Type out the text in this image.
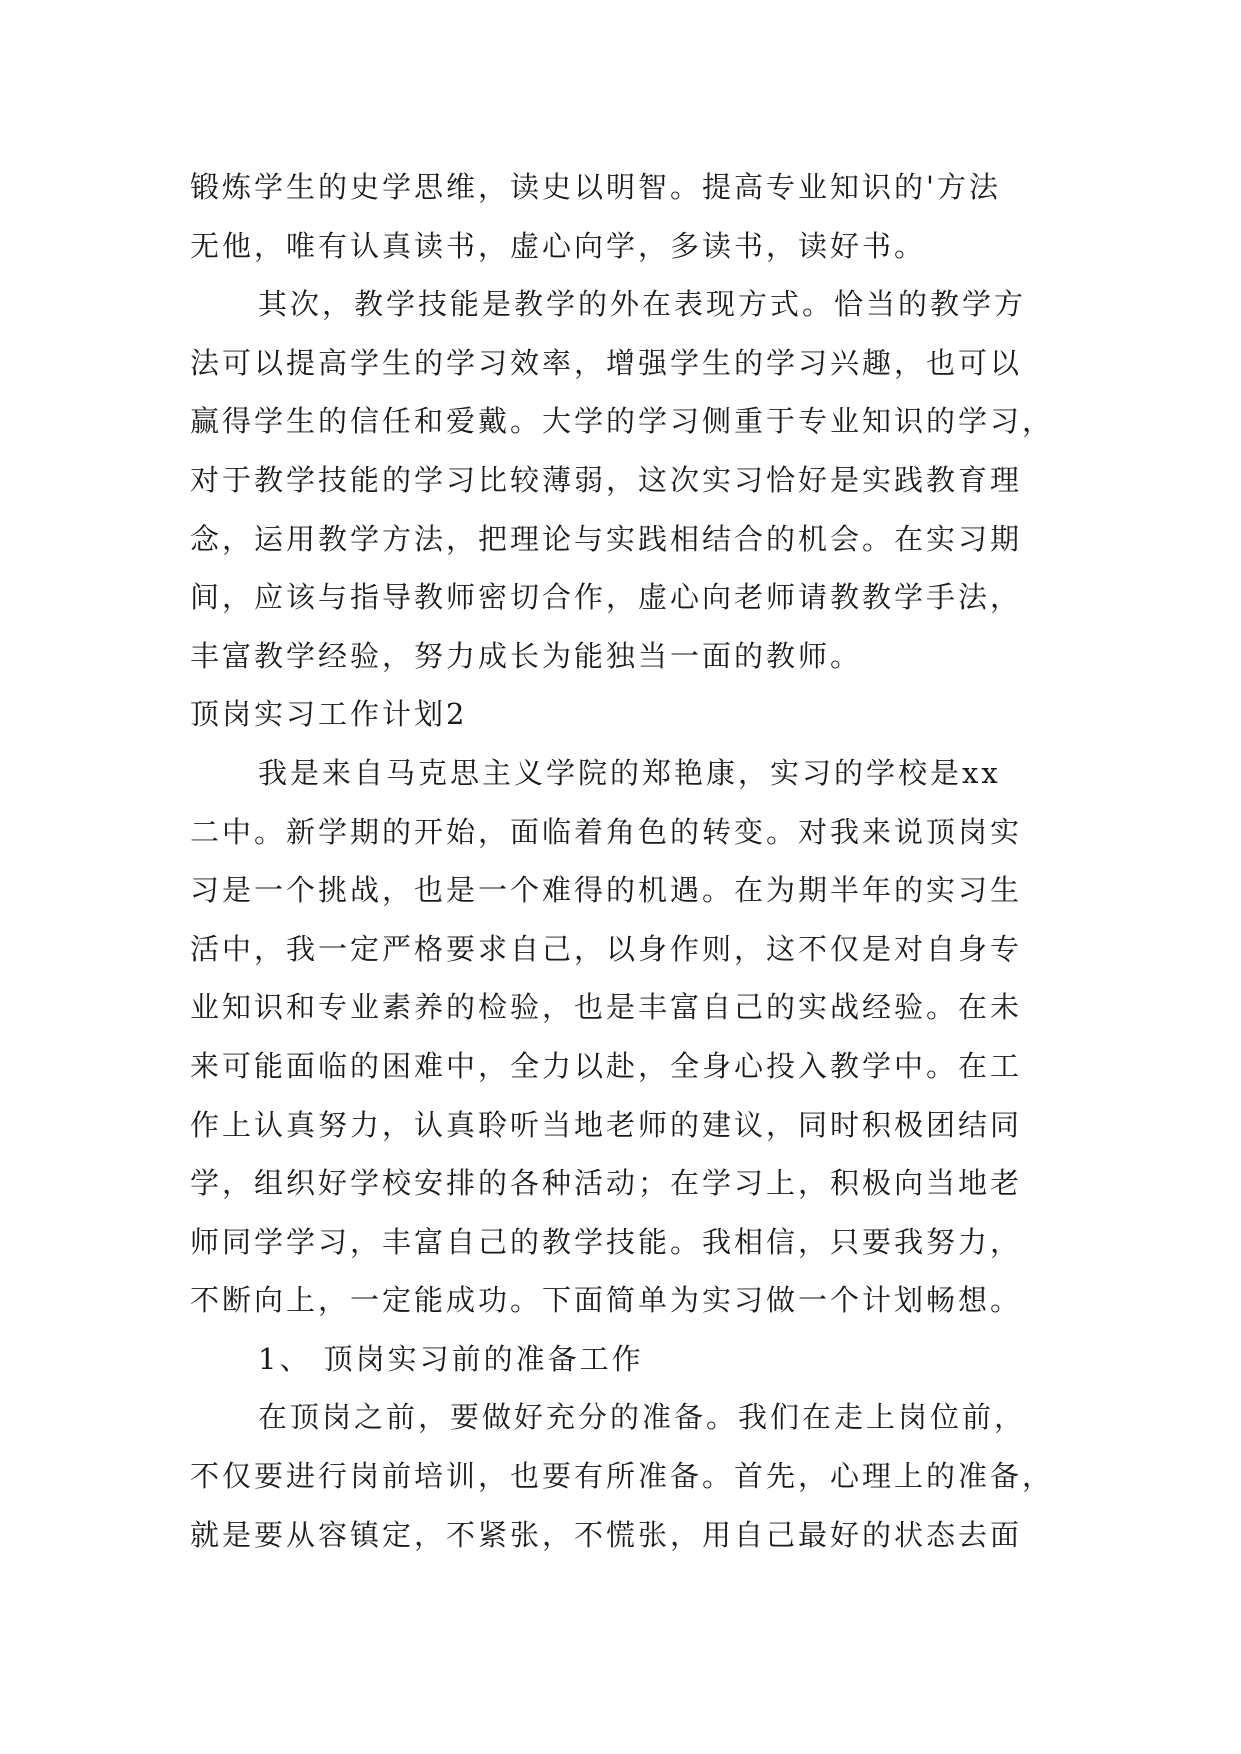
锻炼学生的史学思维，读史以明智。提高专业知识的'方法
无他，唯有认真读书，虚心向学，多读书，读好书。
其次，教学技能是教学的外在表现方式。恰当的教学方
法可以提高学生的学习效率，增强学生的学习兴趣，也可以
赢得学生的信任和爱戴。大学的学习侧重于专业知识的学习，
对于教学技能的学习比较薄弱，这次实习恰好是实践教育理
念，运用教学方法，把理论与实践相结合的机会。在实习期
间，应该与指导教师密切合作，虚心向老师请教教学手法，
丰富教学经验，努力成长为能独当一面的教师。
顶岗实习工作计划2
我是来自马克思主义学院的郑艳康，实习的学校是xx
二中。新学期的开始，面临着角色的转变。对我来说顶岗实
习是一个挑战，也是一个难得的机遇。在为期半年的实习生
活中，我一定严格要求自己，以身作则，这不仅是对自身专
业知识和专业素养的检验，也是丰富自己的实战经验。在未
来可能面临的困难中，全力以赴，全身心投入教学中。在工
作上认真努力，认真聆听当地老师的建议，同时积极团结同
学，组织好学校安排的各种活动；在学习上，积极向当地老
师同学学习，丰富自己的教学技能。我相信，只要我努力，
不断向上，一定能成功。下面简单为实习做一个计划畅想。
1、 顶岗实习前的准备工作
在顶岗之前，要做好充分的准备。我们在走上岗位前，
不仅要进行岗前培训，也要有所准备。首先，心理上的准备，
就是要从容镇定，不紧张，不慌张，用自己最好的状态去面
